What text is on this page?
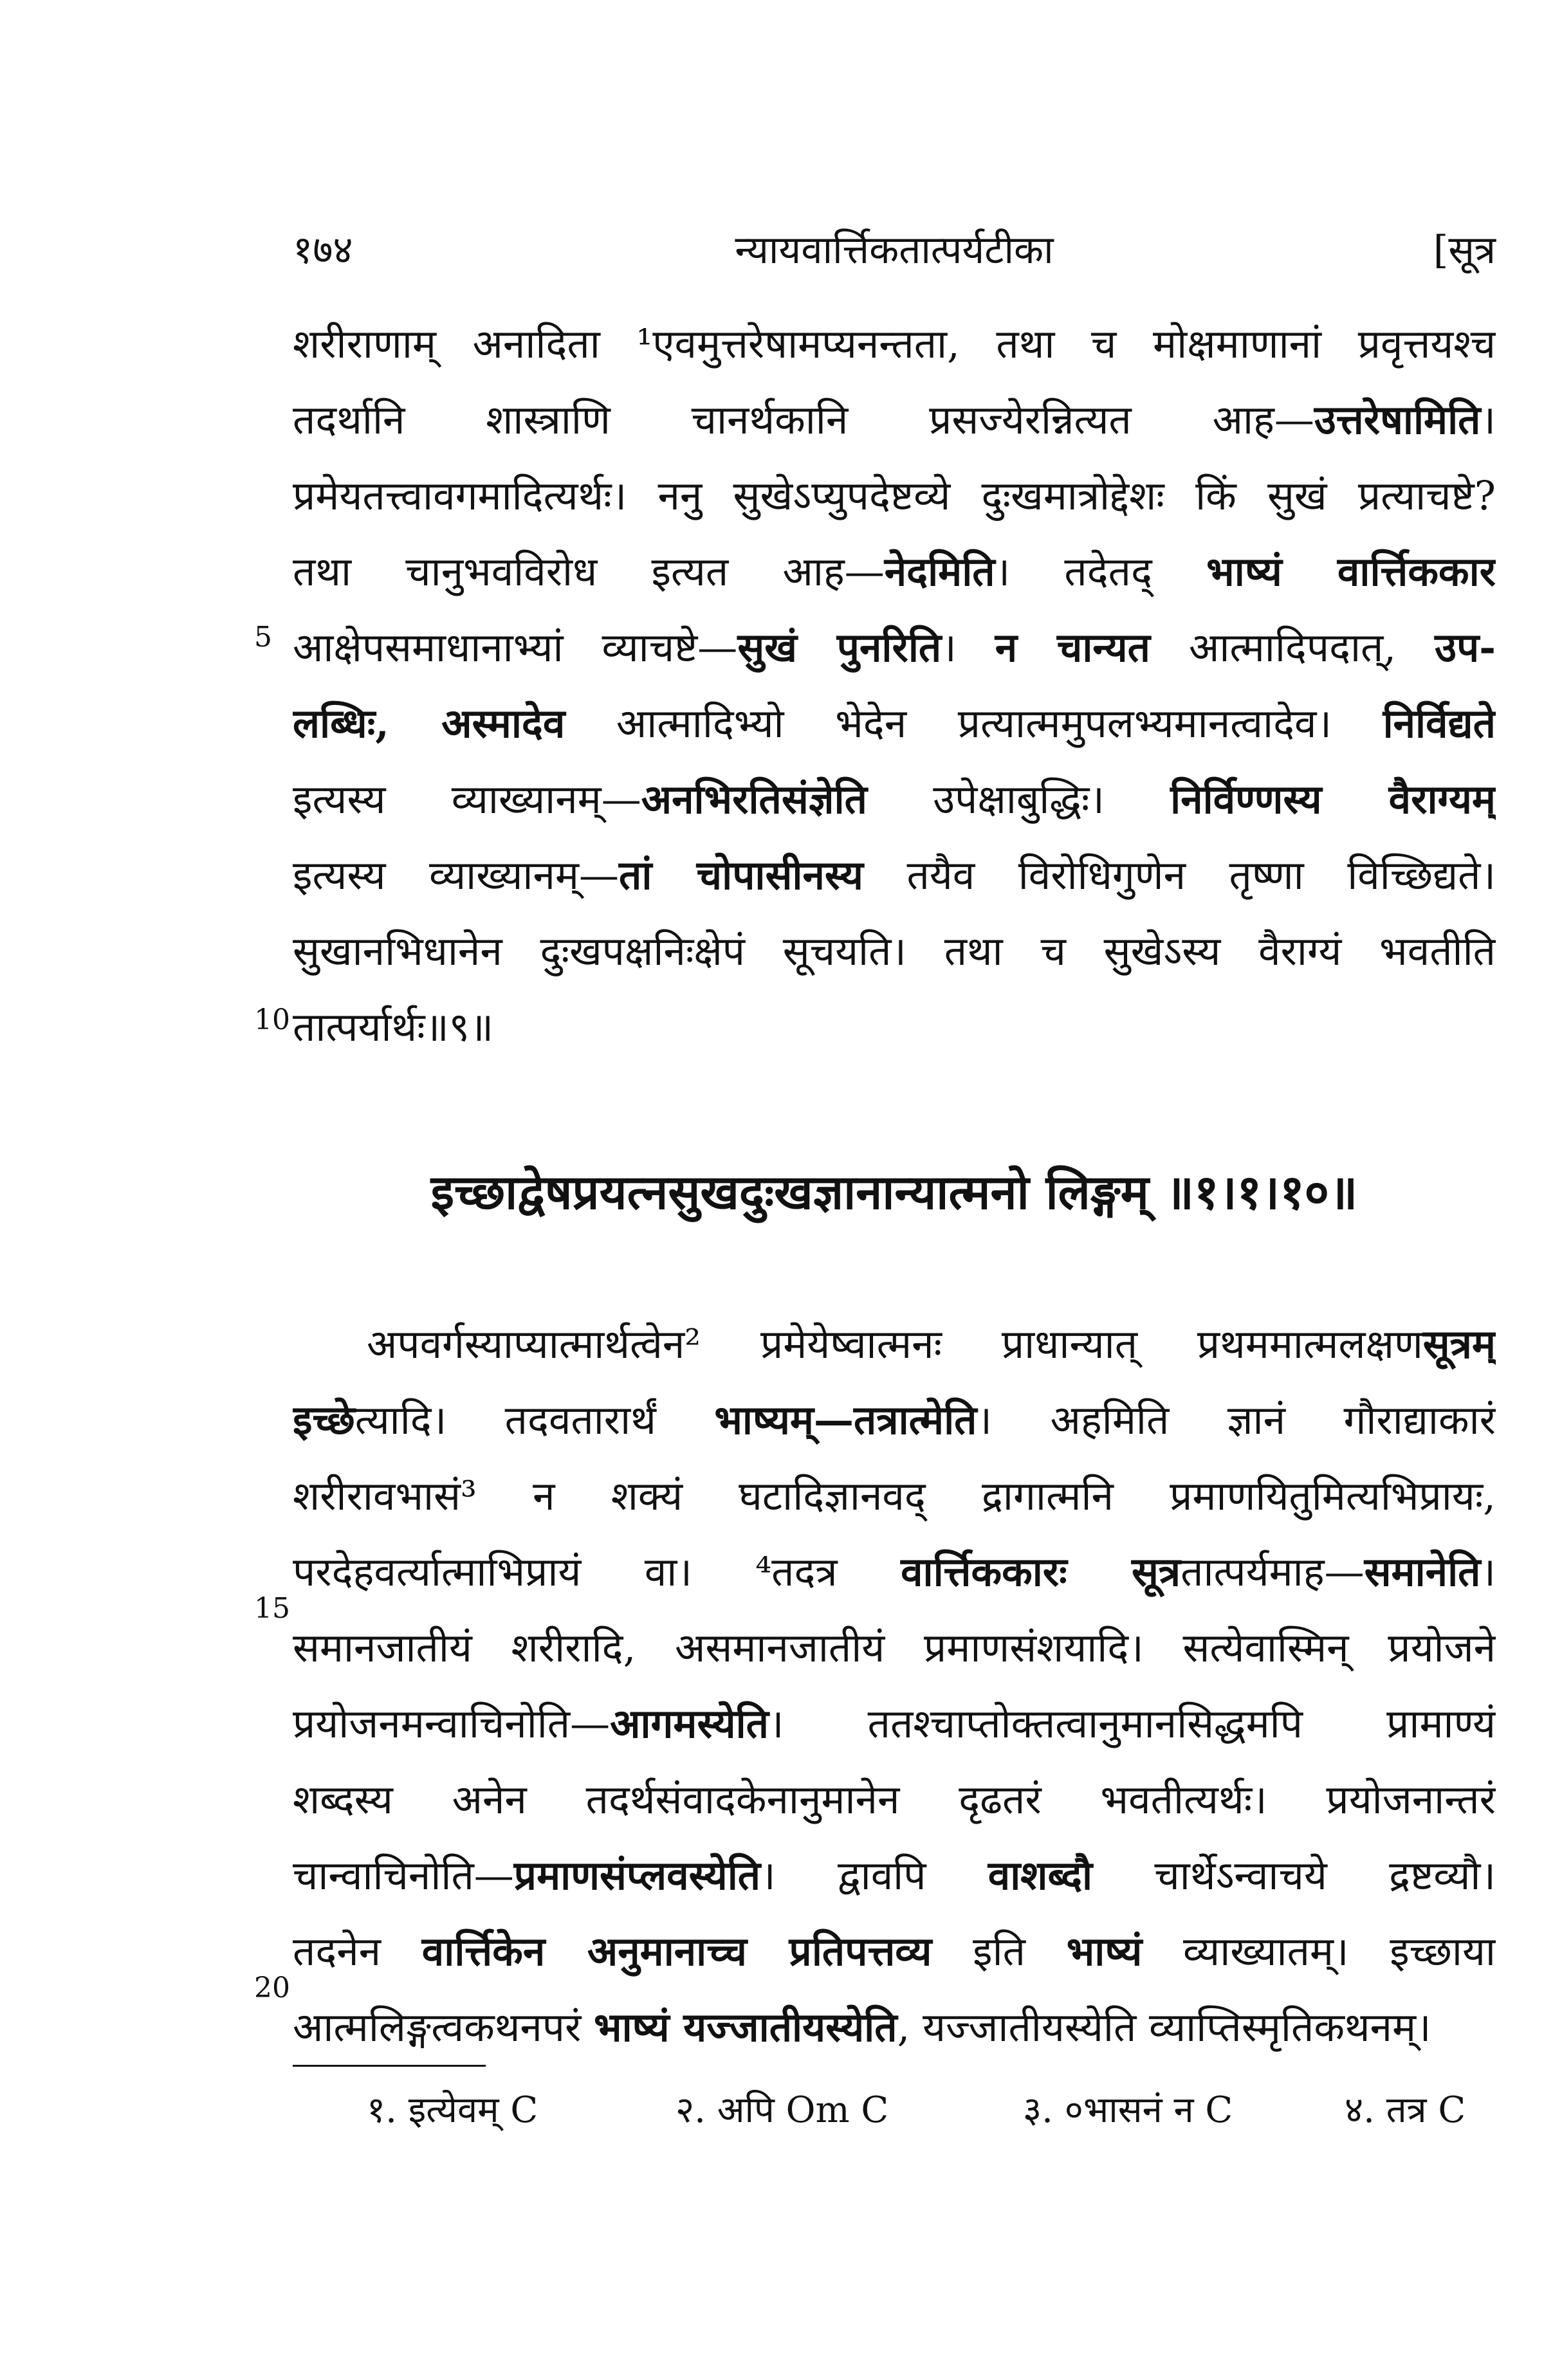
१७४	न्यायवार्त्तिकतात्पर्यटीका	[सूत्र
शरीराणाम् अनादिता ¹एवमुत्तरेषामप्यनन्तता, तथा च मोक्षमाणानां प्रवृत्तयश्च
तदर्थानि शास्त्राणि चानर्थकानि प्रसज्येरन्नित्यत आह—उत्तरेषामिति।
प्रमेयतत्त्वावगमादित्यर्थः। ननु सुखेऽप्युपदेष्टव्ये दुःखमात्रोद्देशः किं सुखं प्रत्याचष्टे?
तथा चानुभवविरोध इत्यत आह—नेदमिति। तदेतद् भाष्यं वार्त्तिककार
आक्षेपसमाधानाभ्यां व्याचष्टे—सुखं पुनरिति। न चान्यत आत्मादिपदात्, उप-
लब्धिः, अस्मादेव आत्मादिभ्यो भेदेन प्रत्यात्ममुपलभ्यमानत्वादेव। निर्विद्यते
इत्यस्य व्याख्यानम्—अनभिरतिसंज्ञेति उपेक्षाबुद्धिः। निर्विण्णस्य वैराग्यम्
इत्यस्य व्याख्यानम्—तां चोपासीनस्य तयैव विरोधिगुणेन तृष्णा विच्छिद्यते।
सुखानभिधानेन दुःखपक्षनिःक्षेपं सूचयति। तथा च सुखेऽस्य वैराग्यं भवतीति
तात्पर्यार्थः॥९॥
इच्छाद्वेषप्रयत्नसुखदुःखज्ञानान्यात्मनो लिङ्गम् ॥१।१।१०॥
अपवर्गस्याप्यात्मार्थत्वेन² प्रमेयेष्वात्मनः प्राधान्यात् प्रथममात्मलक्षणसूत्रम्
इच्छेत्यादि। तदवतारार्थं भाष्यम्—तत्रात्मेति। अहमिति ज्ञानं गौराद्याकारं
शरीरावभासं³ न शक्यं घटादिज्ञानवद् द्रागात्मनि प्रमाणयितुमित्यभिप्रायः,
परदेहवर्त्यात्माभिप्रायं वा। ⁴तदत्र वार्त्तिककारः सूत्रतात्पर्यमाह—समानेति।
समानजातीयं शरीरादि, असमानजातीयं प्रमाणसंशयादि। सत्येवास्मिन् प्रयोजने
प्रयोजनमन्वाचिनोति—आगमस्येति। ततश्चाप्तोक्तत्वानुमानसिद्धमपि प्रामाण्यं
शब्दस्य अनेन तदर्थसंवादकेनानुमानेन दृढतरं भवतीत्यर्थः। प्रयोजनान्तरं
चान्वाचिनोति—प्रमाणसंप्लवस्येति। द्वावपि वाशब्दौ चार्थेऽन्वाचये द्रष्टव्यौ।
तदनेन वार्त्तिकेन अनुमानाच्च प्रतिपत्तव्य इति भाष्यं व्याख्यातम्। इच्छाया
आत्मलिङ्गत्वकथनपरं भाष्यं यज्जातीयस्येति, यज्जातीयस्येति व्याप्तिस्मृतिकथनम्।
5
10
15
20
१. इत्येवम् C	२. अपि Om C	३. ०भासनं न C	४. तत्र C
